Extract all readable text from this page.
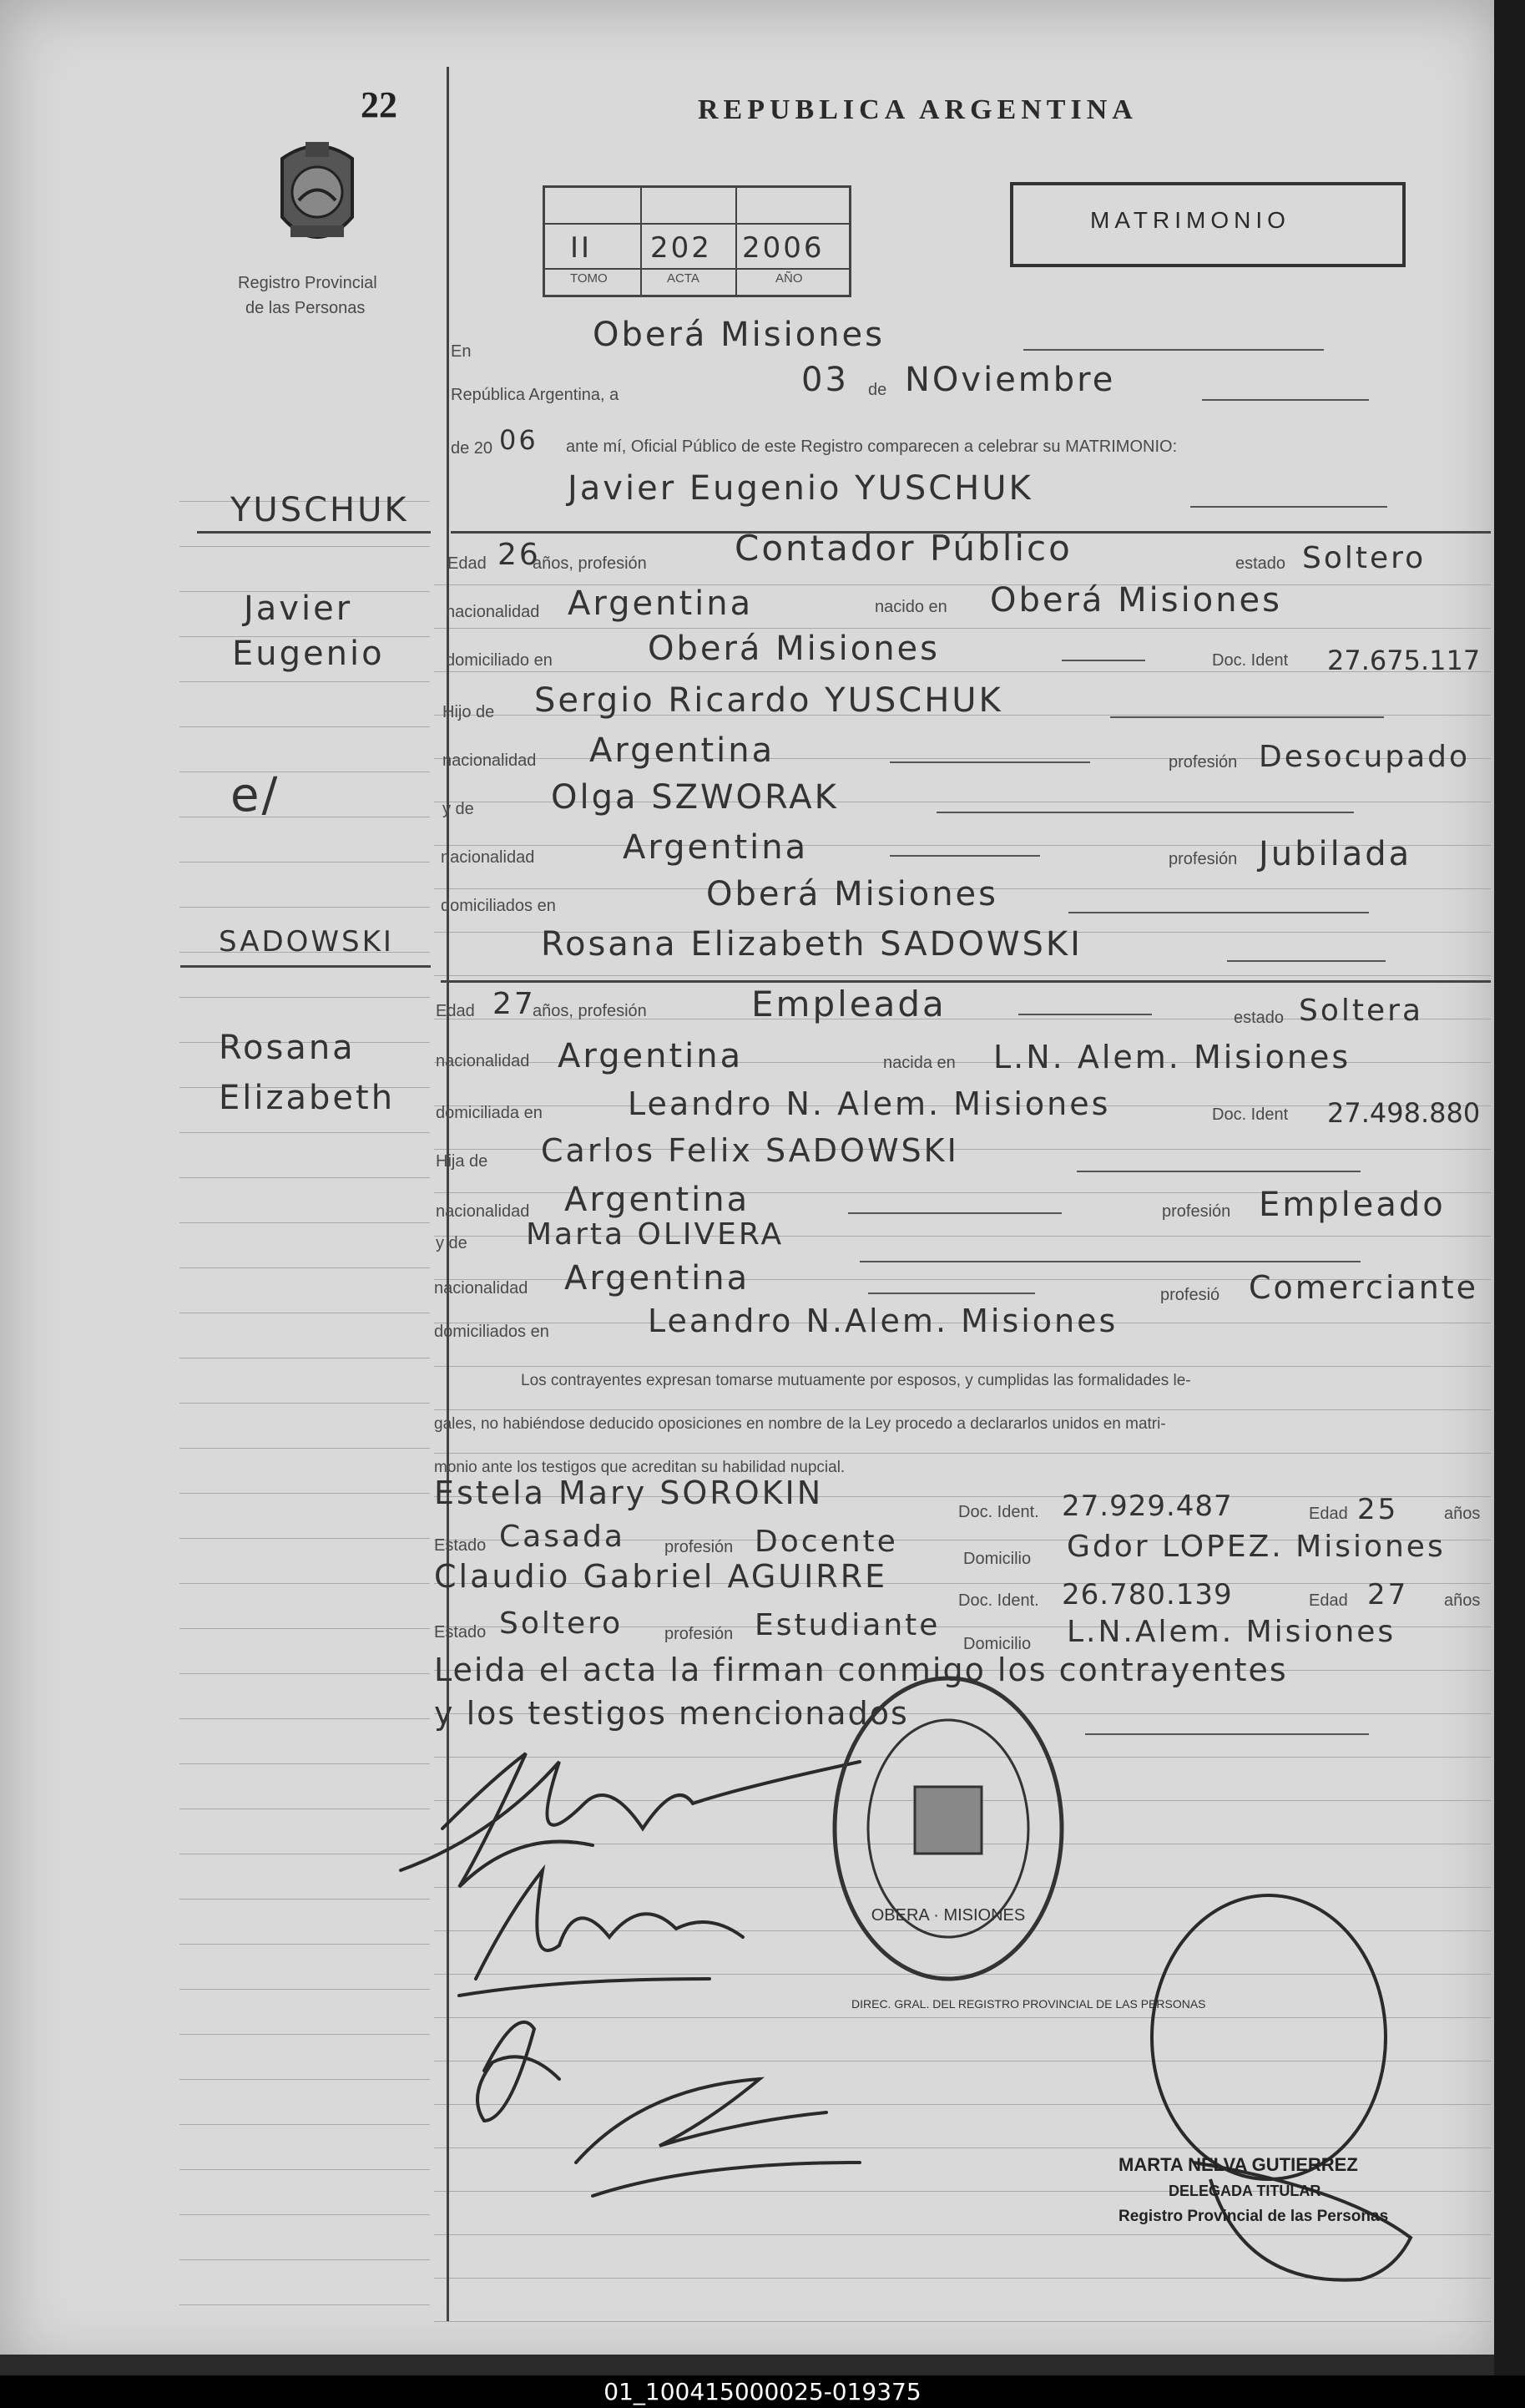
22	REPUBLICA ARGENTINA
Registro Provincial
de las Personas
II 202 2006
TOMO	ACTA	AÑO
MATRIMONIO
En	Oberá Misiones
República Argentina, a	03 de NOviembre
de 20 06 ante mí, Oficial Público de este Registro comparecen a celebrar su MATRIMONIO:
YUSCHUK
Javier
Eugenio
e/
SADOWSKI
Rosana
Elizabeth
Javier Eugenio YUSCHUK
Edad 26
años, profesión	Contador Público	estado Soltero
nacionalidad Argentina	nacido en Oberá Misiones
domiciliado en	Oberá Misiones	Doc. Ident 27.675.117
Hijo de Sergio Ricardo YUSCHUK
nacionalidad Argentina	profesión Desocupado
y de Olga SZWORAK
nacionalidad	Argentina	profesión Jubilada
domiciliados en	Oberá Misiones
Rosana Elizabeth SADOWSKI
Edad 27
años, profesión	Empleada	estado Soltera
nacionalidad Argentina	nacida en L.N. Alem. Misiones
domiciliada en	Leandro N. Alem. Misiones	Doc. Ident 27.498.880
Hija de Carlos Felix SADOWSKI
nacionalidad Argentina	profesión Empleado
y de Marta OLIVERA
nacionalidad Argentina	profesió Comerciante
domiciliados en	Leandro N.Alem. Misiones
Los contrayentes expresan tomarse mutuamente por esposos, y cumplidas las formalidades le-
gales, no habiéndose deducido oposiciones en nombre de la Ley procedo a declararlos unidos en matri-
monio ante los testigos que acreditan su habilidad nupcial.
Estela Mary SOROKIN
Doc. Ident. 27.929.487	Edad 25	años
Estado Casada profesión Docente	Domicilio Gdor LOPEZ. Misiones
Claudio Gabriel AGUIRRE
Doc. Ident. 26.780.139	Edad 27 años
Estado Soltero profesión Estudiante
Domicilio L.N.Alem. Misiones
Leida el acta la firman conmigo los contrayentes
y los testigos mencionados
OBERA · MISIONES
DIREC. GRAL. DEL REGISTRO PROVINCIAL DE LAS PERSONAS
MARTA NELVA GUTIERREZ
DELEGADA TITULAR
Registro Provincial de las Personas
01_100415000025-019375
